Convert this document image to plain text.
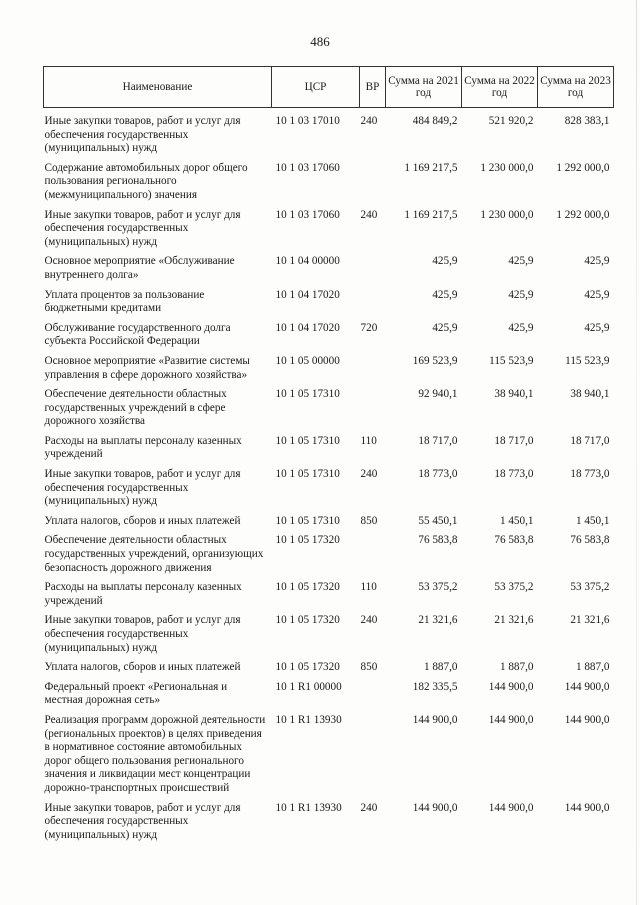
486
Наименование	ЦСР	ВР	Сумма на 2021 год	Сумма на 2022 год	Сумма на 2023 год
Иные закупки товаров, работ и услуг для обеспечения государственных (муниципальных) нужд	10 1 03 17010	240	484 849,2	521 920,2	828 383,1
Содержание автомобильных дорог общего пользования регионального (межмуниципального) значения	10 1 03 17060		1 169 217,5	1 230 000,0	1 292 000,0
Иные закупки товаров, работ и услуг для обеспечения государственных (муниципальных) нужд	10 1 03 17060	240	1 169 217,5	1 230 000,0	1 292 000,0
Основное мероприятие «Обслуживание внутреннего долга»	10 1 04 00000		425,9	425,9	425,9
Уплата процентов за пользование бюджетными кредитами	10 1 04 17020		425,9	425,9	425,9
Обслуживание государственного долга субъекта Российской Федерации	10 1 04 17020	720	425,9	425,9	425,9
Основное мероприятие «Развитие системы управления в сфере дорожного хозяйства»	10 1 05 00000		169 523,9	115 523,9	115 523,9
Обеспечение деятельности областных государственных учреждений в сфере дорожного хозяйства	10 1 05 17310		92 940,1	38 940,1	38 940,1
Расходы на выплаты персоналу казенных учреждений	10 1 05 17310	110	18 717,0	18 717,0	18 717,0
Иные закупки товаров, работ и услуг для обеспечения государственных (муниципальных) нужд	10 1 05 17310	240	18 773,0	18 773,0	18 773,0
Уплата налогов, сборов и иных платежей	10 1 05 17310	850	55 450,1	1 450,1	1 450,1
Обеспечение деятельности областных государственных учреждений, организующих безопасность дорожного движения	10 1 05 17320		76 583,8	76 583,8	76 583,8
Расходы на выплаты персоналу казенных учреждений	10 1 05 17320	110	53 375,2	53 375,2	53 375,2
Иные закупки товаров, работ и услуг для обеспечения государственных (муниципальных) нужд	10 1 05 17320	240	21 321,6	21 321,6	21 321,6
Уплата налогов, сборов и иных платежей	10 1 05 17320	850	1 887,0	1 887,0	1 887,0
Федеральный проект «Региональная и местная дорожная сеть»	10 1 R1 00000		182 335,5	144 900,0	144 900,0
Реализация программ дорожной деятельности (региональных проектов) в целях приведения в нормативное состояние автомобильных дорог общего пользования регионального значения и ликвидации мест концентрации дорожно-транспортных происшествий	10 1 R1 13930		144 900,0	144 900,0	144 900,0
Иные закупки товаров, работ и услуг для обеспечения государственных (муниципальных) нужд	10 1 R1 13930	240	144 900,0	144 900,0	144 900,0
